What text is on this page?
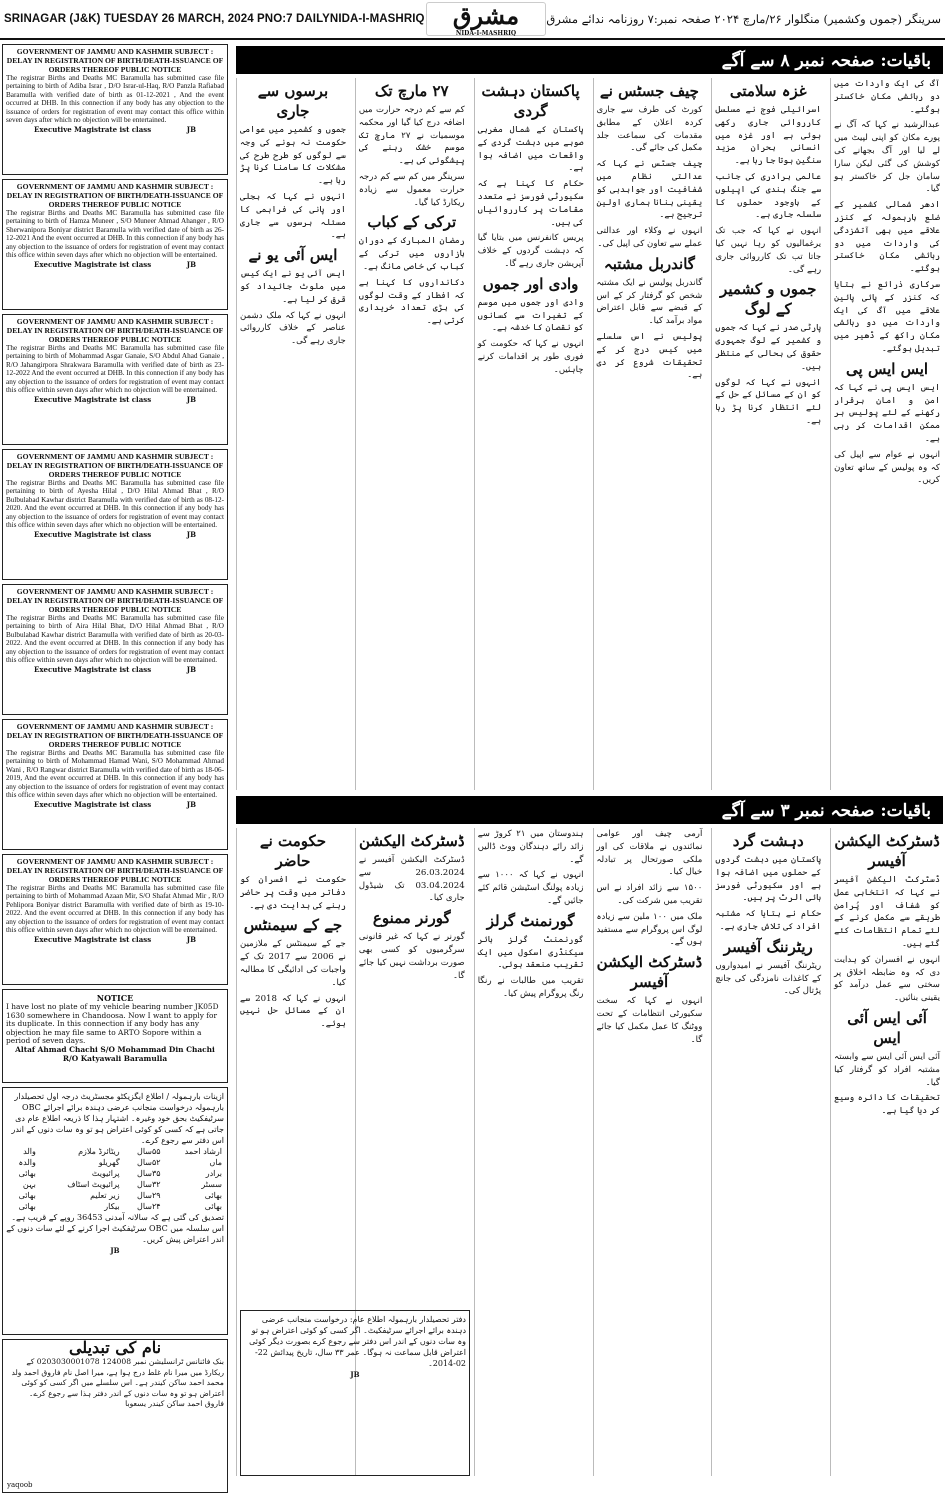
SRINAGAR (J&K) TUESDAY 26 MARCH, 2024 PNO:7 DAILYNIDA-I-MASHRIQ مشرق
NIDA-I-MASHRIQ
سرینگر (جموں وکشمیر) منگلوار ۲۶/مارچ ۲۰۲۴ صفحہ نمبر:۷ روزنامہ ندائے مشرق
GOVERNMENT OF JAMMU AND KASHMIR SUBJECT : DELAY IN REGISTRATION OF BIRTH/DEATH-ISSUANCE OF ORDERS THEREOF PUBLIC NOTICE

The registrar Births and Deaths MC Baramulla has submitted case file pertaining to birth of Adiba Israr , D/O Israr-ul-Haq, R/O Panzla Rafiabad Baramulla with verified date of birth as 01-12-2021 , And the event occurred at DHB. In this connection if any body has any objection to the issuance of orders for registration of event may contact this office within seven days after which no objection will be entertained.

Executive Magistrate ist class	JB
GOVERNMENT OF JAMMU AND KASHMIR SUBJECT : DELAY IN REGISTRATION OF BIRTH/DEATH-ISSUANCE OF ORDERS THEREOF PUBLIC NOTICE

The registrar Births and Deaths MC Baramulla has submitted case file pertaining to birth of Hamza Muneer , S/O Muneer Ahmad Ahanger , R/O Sherwanipora Boniyar district Baramulla with verified date of birth as 26-12-2021 And the event occurred at DHB. In this connection if any body has any objection to the issuance of orders for registration of event may contact this office within seven days after which no objection will be entertained.

Executive Magistrate ist class	JB
GOVERNMENT OF JAMMU AND KASHMIR SUBJECT : DELAY IN REGISTRATION OF BIRTH/DEATH-ISSUANCE OF ORDERS THEREOF PUBLIC NOTICE

The registrar Births and Deaths MC Baramulla has submitted case file pertaining to birth of Mohammad Asgar Ganaie, S/O Abdul Ahad Ganaie , R/O Jahangirpora Shrakwara Baramulla with verified date of birth as 23-12-2022 And the event occurred at DHB. In this connection if any body has any objection to the issuance of orders for registration of event may contact this office within seven days after which no objection will be entertained.

Executive Magistrate ist class	JB
GOVERNMENT OF JAMMU AND KASHMIR SUBJECT : DELAY IN REGISTRATION OF BIRTH/DEATH-ISSUANCE OF ORDERS THEREOF PUBLIC NOTICE

The registrar Births and Deaths MC Baramulla has submitted case file pertaining to birth of Ayesha Hilal , D/O Hilal Ahmad Bhat , R/O Bulbulabad Kawhar district Baramulla with verified date of birth as 08-12-2020. And the event occurred at DHB. In this connection if any body has any objection to the issuance of orders for registration of event may contact this office within seven days after which no objection will be entertained.

Executive Magistrate ist class	JB
GOVERNMENT OF JAMMU AND KASHMIR SUBJECT : DELAY IN REGISTRATION OF BIRTH/DEATH-ISSUANCE OF ORDERS THEREOF PUBLIC NOTICE

The registrar Births and Deaths MC Baramulla has submitted case file pertaining to birth of Aira Hilal Bhat, D/O Hilal Ahmad Bhat , R/O Bulbulabad Kawhar district Baramulla with verified date of birth as 20-03-2022. And the event occurred at DHB. In this connection if any body has any objection to the issuance of orders for registration of event may contact this office within seven days after which no objection will be entertained.

Executive Magistrate ist class	JB
GOVERNMENT OF JAMMU AND KASHMIR SUBJECT : DELAY IN REGISTRATION OF BIRTH/DEATH-ISSUANCE OF ORDERS THEREOF PUBLIC NOTICE

The registrar Births and Deaths MC Baramulla has submitted case file pertaining to birth of Mohammad Hamad Wani, S/O Mohammad Ahmad Wani , R/O Rangwar district Baramulla with verified date of birth as 18-06-2019, And the event occurred at DHB. In this connection if any body has any objection to the issuance of orders for registration of event may contact this office within seven days after which no objection will be entertained.

Executive Magistrate ist class	JB
GOVERNMENT OF JAMMU AND KASHMIR SUBJECT : DELAY IN REGISTRATION OF BIRTH/DEATH-ISSUANCE OF ORDERS THEREOF PUBLIC NOTICE

The registrar Births and Deaths MC Baramulla has submitted case file pertaining to birth of Mohammad Azaan Mir, S/O Shafat Ahmad Mir , R/O Pehlipora Boniyar district Baramulla with verified date of birth as 19-10-2022. And the event occurred at DHB. In this connection if any body has any objection to the issuance of orders for registration of event may contact this office within seven days after which no objection will be entertained.

Executive Magistrate ist class	JB
NOTICE

I have lost no plate of my vehicle bearing number JK05D 1630 somewhere in Chandoosa. Now I want to apply for its duplicate. In this connection if any body has any objection he may file same to ARTO Sopore within a period of seven days.

Altaf Ahmad Chachi S/O Mohammad Din Chachi

R/O Katyawali Baramulla

ازینات بارہمولہ / اطلاع ایگزیکٹو مجسٹریٹ درجہ اول تحصیلدار بارہمولہ درخواست منجانب عرضی دہندہ برائے اجرائے OBC سرٹیفکیٹ بحق خود وغیرہ۔ اشتہار ہذا کا ذریعہ اطلاع عام دی جاتی ہے کہ کسی کو کوئی اعتراض ہو تو وہ سات دنوں کے اندر اس دفتر سے رجوع کرے۔

ارشاد احمد	۵۵سال	ریٹائرڈ ملازم	والد
ماں	۵۲سال	گھریلو	والدہ
برادر	۳۵سال	پرائیویٹ	بھائی
سسٹر	۳۲سال	پرائیویٹ اسٹاف	بہن
بھائی	۲۹سال	زیر تعلیم	بھائی
بھائی	۲۴سال	بیکار	بھائی

تصدیق کی گئی ہے کہ سالانہ آمدنی 36453 روپے کے قریب ہے۔ اس سلسلہ میں OBC سرٹیفکیٹ اجرا کرنے کے لئے سات دنوں کے اندر اعتراض پیش کریں۔

JB

نام کی تبدیلی

بنک فائنانس ٹرانسلیشن نمبر 124008 0203030001078 کے ریکارڈ میں میرا نام غلط درج ہوا ہے، میرا اصل نام فاروق احمد ولد محمد احمد ساکن کیندر ہے۔ اس سلسلے میں اگر کسی کو کوئی اعتراض ہو تو وہ سات دنوں کے اندر دفتر ہذا سے رجوع کرے۔

فاروق احمد ساکن کیندر یسعوبا

yaqoob
باقیات: صفحہ نمبر ۸ سے آگے

آگ کی ایک واردات میں دو رہائشی مکان خاکستر ہوگئے۔

عبدالرشید نے کہا کہ آگ نے پورے مکان کو اپنی لپیٹ میں لے لیا اور آگ بجھانے کی کوشش کی گئی لیکن سارا سامان جل کر خاکستر ہو گیا۔

ادھر شمالی کشمیر کے ضلع بارہمولہ کے کنزر علاقے میں بھی آتشزدگی کی واردات میں دو رہائشی مکان خاکستر ہوگئے۔

سرکاری ذرائع نے بتایا کہ کنزر کے پائی پائین علاقے میں آگ کی ایک واردات میں دو رہائشی مکان راکھ کے ڈھیر میں تبدیل ہوگئے۔

ایس ایس پی

ایس ایس پی نے کہا کہ امن و امان برقرار رکھنے کے لئے پولیس ہر ممکن اقدامات کر رہی ہے۔

انہوں نے عوام سے اپیل کی کہ وہ پولیس کے ساتھ تعاون کریں۔

غزہ سلامتی

اسرائیلی فوج نے مسلسل کارروائی جاری رکھی ہوئی ہے اور غزہ میں انسانی بحران مزید سنگین ہوتا جا رہا ہے۔

عالمی برادری کی جانب سے جنگ بندی کی اپیلوں کے باوجود حملوں کا سلسلہ جاری ہے۔

انہوں نے کہا کہ جب تک یرغمالیوں کو رہا نہیں کیا جاتا تب تک کارروائی جاری رہے گی۔

جموں و کشمیر کے لوگ

پارٹی صدر نے کہا کہ جموں و کشمیر کے لوگ جمہوری حقوق کی بحالی کے منتظر ہیں۔

انہوں نے کہا کہ لوگوں کو ان کے مسائل کے حل کے لئے انتظار کرنا پڑ رہا ہے۔

چیف جسٹس نے

کورٹ کی طرف سے جاری کردہ اعلان کے مطابق مقدمات کی سماعت جلد مکمل کی جائے گی۔

چیف جسٹس نے کہا کہ عدالتی نظام میں شفافیت اور جوابدہی کو یقینی بنانا ہماری اولین ترجیح ہے۔

انہوں نے وکلاء اور عدالتی عملے سے تعاون کی اپیل کی۔

گاندربل مشتبہ

گاندربل پولیس نے ایک مشتبہ شخص کو گرفتار کر کے اس کے قبضے سے قابل اعتراض مواد برآمد کیا۔

پولیس نے اس سلسلے میں کیس درج کر کے تحقیقات شروع کر دی ہے۔

پاکستان دہشت گردی

پاکستان کے شمال مغربی صوبے میں دہشت گردی کے واقعات میں اضافہ ہوا ہے۔

حکام کا کہنا ہے کہ سکیورٹی فورسز نے متعدد مقامات پر کارروائیاں کی ہیں۔

پریس کانفرنس میں بتایا گیا کہ دہشت گردوں کے خلاف آپریشن جاری رہے گا۔

وادی اور جموں

وادی اور جموں میں موسم کے تغیرات سے کسانوں کو نقصان کا خدشہ ہے۔

انہوں نے کہا کہ حکومت کو فوری طور پر اقدامات کرنے چاہئیں۔

۲۷ مارچ تک

کم سے کم درجہ حرارت میں اضافہ درج کیا گیا اور محکمہ موسمیات نے ۲۷ مارچ تک موسم خشک رہنے کی پیشگوئی کی ہے۔

سرینگر میں کم سے کم درجہ حرارت معمول سے زیادہ ریکارڈ کیا گیا۔

ترکی کے کباب

رمضان المبارک کے دوران بازاروں میں ترکی کے کباب کی خاصی مانگ ہے۔

دکانداروں کا کہنا ہے کہ افطار کے وقت لوگوں کی بڑی تعداد خریداری کرتی ہے۔

برسوں سے جاری

جموں و کشمیر میں عوامی حکومت نہ ہونے کی وجہ سے لوگوں کو طرح طرح کی مشکلات کا سامنا کرنا پڑ رہا ہے۔

انہوں نے کہا کہ بجلی اور پانی کی فراہمی کا مسئلہ برسوں سے جاری ہے۔

ایس آئی یو نے

ایس آئی یو نے ایک کیس میں ملوث جائیداد کو قرق کر لیا ہے۔

انہوں نے کہا کہ ملک دشمن عناصر کے خلاف کارروائی جاری رہے گی۔

باقیات: صفحہ نمبر ۳ سے آگے
ڈسٹرکٹ الیکشن آفیسر

ڈسٹرکٹ الیکشن آفیسر نے کہا کہ انتخابی عمل کو شفاف اور پُرامن طریقے سے مکمل کرنے کے لئے تمام انتظامات کئے گئے ہیں۔

انہوں نے افسران کو ہدایت دی کہ وہ ضابطہ اخلاق پر سختی سے عمل درآمد کو یقینی بنائیں۔

آئی ایس آئی ایس

آئی ایس آئی ایس سے وابستہ مشتبہ افراد کو گرفتار کیا گیا۔

تحقیقات کا دائرہ وسیع کر دیا گیا ہے۔

دہشت گرد

پاکستان میں دہشت گردوں کے حملوں میں اضافہ ہوا ہے اور سکیورٹی فورسز ہائی الرٹ پر ہیں۔

حکام نے بتایا کہ مشتبہ افراد کی تلاش جاری ہے۔

ریٹرننگ آفیسر

ریٹرننگ آفیسر نے امیدواروں کے کاغذات نامزدگی کی جانچ پڑتال کی۔

آرمی چیف اور عوامی نمائندوں نے ملاقات کی اور ملکی صورتحال پر تبادلہ خیال کیا۔

۱۵۰۰ سے زائد افراد نے اس تقریب میں شرکت کی۔

ملک میں ۱۰۰ ملین سے زیادہ لوگ اس پروگرام سے مستفید ہوں گے۔

ڈسٹرکٹ الیکشن آفیسر

انہوں نے کہا کہ سخت سکیورٹی انتظامات کے تحت ووٹنگ کا عمل مکمل کیا جائے گا۔

ہندوستان میں ۲۱ کروڑ سے زائد رائے دہندگان ووٹ ڈالیں گے۔

انہوں نے کہا کہ ۱۰۰۰ سے زیادہ پولنگ اسٹیشن قائم کئے جائیں گے۔

گورنمنٹ گرلز

گورنمنٹ گرلز ہائر سیکنڈری اسکول میں ایک تقریب منعقد ہوئی۔

تقریب میں طالبات نے رنگا رنگ پروگرام پیش کیا۔

ڈسٹرکٹ الیکشن

ڈسٹرکٹ الیکشن آفیسر نے 26.03.2024 سے 03.04.2024 تک شیڈول جاری کیا۔

گورنر ممنوع

گورنر نے کہا کہ غیر قانونی سرگرمیوں کو کسی بھی صورت برداشت نہیں کیا جائے گا۔

حکومت نے حاضر

حکومت نے افسران کو دفاتر میں وقت پر حاضر رہنے کی ہدایت دی ہے۔

جے کے سیمنٹس

جے کے سیمنٹس کے ملازمین نے 2006 سے 2017 تک کے واجبات کی ادائیگی کا مطالبہ کیا۔

انہوں نے کہا کہ 2018 سے ان کے مسائل حل نہیں ہوئے۔

دفتر تحصیلدار بارہمولہ اطلاع عام: درخواست منجانب عرضی دہندہ برائے اجرائے سرٹیفکیٹ۔ اگر کسی کو کوئی اعتراض ہو تو وہ سات دنوں کے اندر اس دفتر سے رجوع کرے بصورت دیگر کوئی اعتراض قابل سماعت نہ ہوگا۔ عمر ۳۳ سال، تاریخ پیدائش 22-02-2014۔

JB
